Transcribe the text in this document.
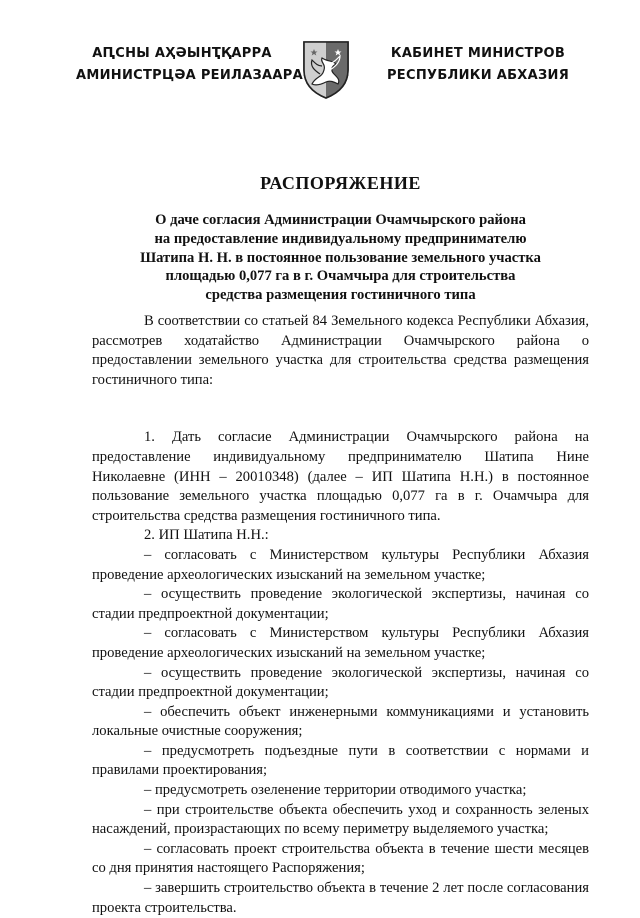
АԤСНЫ АҲӘЫНҬҚАРРА
АМИНИСТРЦӘА РЕИЛАЗААРА
КАБИНЕТ МИНИСТРОВ
РЕСПУБЛИКИ АБХАЗИЯ
РАСПОРЯЖЕНИЕ
О даче согласия Администрации Очамчырского района
на предоставление индивидуальному предпринимателю
Шатипа Н. Н. в постоянное пользование земельного участка
площадью 0,077 га в г. Очамчыра для строительства
средства размещения гостиничного типа

В соответствии со статьей 84 Земельного кодекса Республики Абхазия, рассмотрев ходатайство Администрации Очамчырского района о предоставлении земельного участка для строительства средства размещения гостиничного типа:

1. Дать согласие Администрации Очамчырского района на предоставление индивидуальному предпринимателю Шатипа Нине Николаевне (ИНН – 20010348) (далее – ИП Шатипа Н.Н.) в постоянное пользование земельного участка площадью 0,077 га в г. Очамчыра для строительства средства размещения гостиничного типа.

2. ИП Шатипа Н.Н.:

– согласовать с Министерством культуры Республики Абхазия проведение археологических изысканий на земельном участке;

– осуществить проведение экологической экспертизы, начиная со стадии предпроектной документации;

– согласовать с Министерством культуры Республики Абхазия проведение археологических изысканий на земельном участке;

– осуществить проведение экологической экспертизы, начиная со стадии предпроектной документации;

– обеспечить объект инженерными коммуникациями и установить локальные очистные сооружения;

– предусмотреть подъездные пути в соответствии с нормами и правилами проектирования;

– предусмотреть озеленение территории отводимого участка;

– при строительстве объекта обеспечить уход и сохранность зеленых насаждений, произрастающих по всему периметру выделяемого участка;

– согласовать проект строительства объекта в течение шести месяцев со дня принятия настоящего Распоряжения;

– завершить строительство объекта в течение 2 лет после согласования проекта строительства.
